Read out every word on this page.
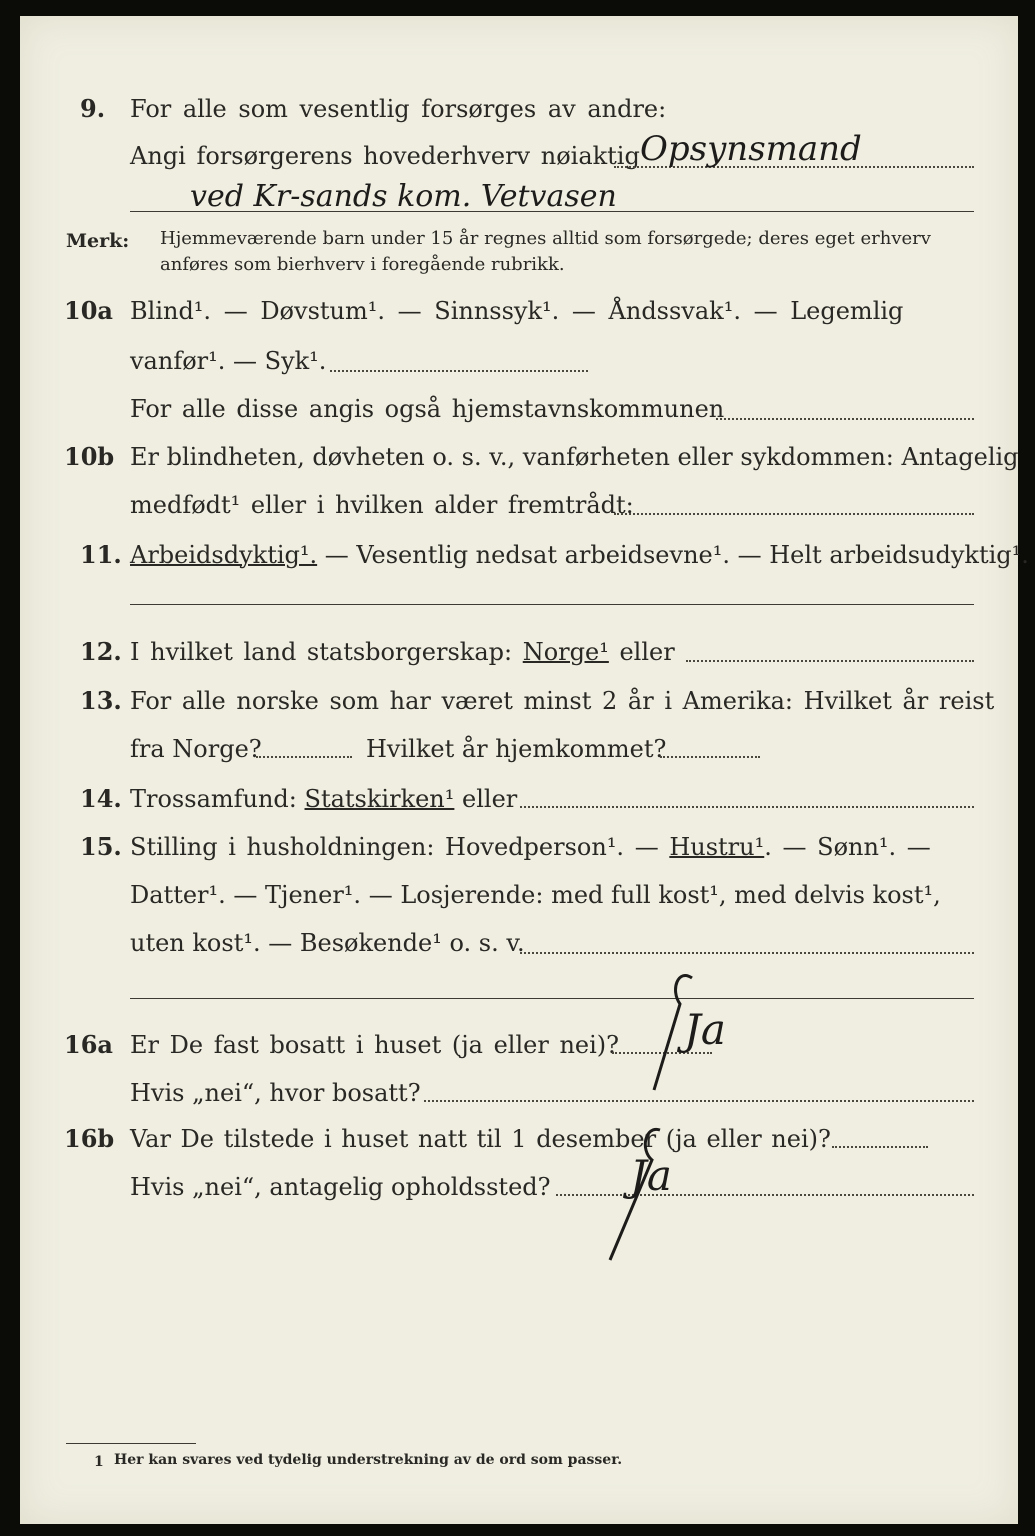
9. For alle som vesentlig forsørges av andre:
Angi forsørgerens hovederhverv nøiaktig Opsynsmand
ved Kr-sands kom. Vetvasen
Merk: Hjemmeværende barn under 15 år regnes alltid som forsørgede; deres eget erhverv
anføres som bierhverv i foregående rubrikk.
10a Blind¹. — Døvstum¹. — Sinnssyk¹. — Åndssvak¹. — Legemlig
vanfør¹. — Syk¹.
For alle disse angis også hjemstavnskommunen
10b Er blindheten, døvheten o. s. v., vanførheten eller sykdommen: Antagelig
medfødt¹ eller i hvilken alder fremtrådt:
11. Arbeidsdyktig¹. — Vesentlig nedsat arbeidsevne¹. — Helt arbeidsudyktig¹.
12. I hvilket land statsborgerskap: Norge¹ eller
13. For alle norske som har været minst 2 år i Amerika: Hvilket år reist
fra Norge?	Hvilket år hjemkommet?
14. Trossamfund: Statskirken¹ eller
15. Stilling i husholdningen: Hovedperson¹. — Hustru¹. — Sønn¹. —
Datter¹. — Tjener¹. — Losjerende: med full kost¹, med delvis kost¹,
uten kost¹. — Besøkende¹ o. s. v.
16a Er De fast bosatt i huset (ja eller nei)?
Hvis „nei“, hvor bosatt?
Ja
16b Var De tilstede i huset natt til 1 desember (ja eller nei)?
Hvis „nei“, antagelig opholdssted? Ja
1 Her kan svares ved tydelig understrekning av de ord som passer.
